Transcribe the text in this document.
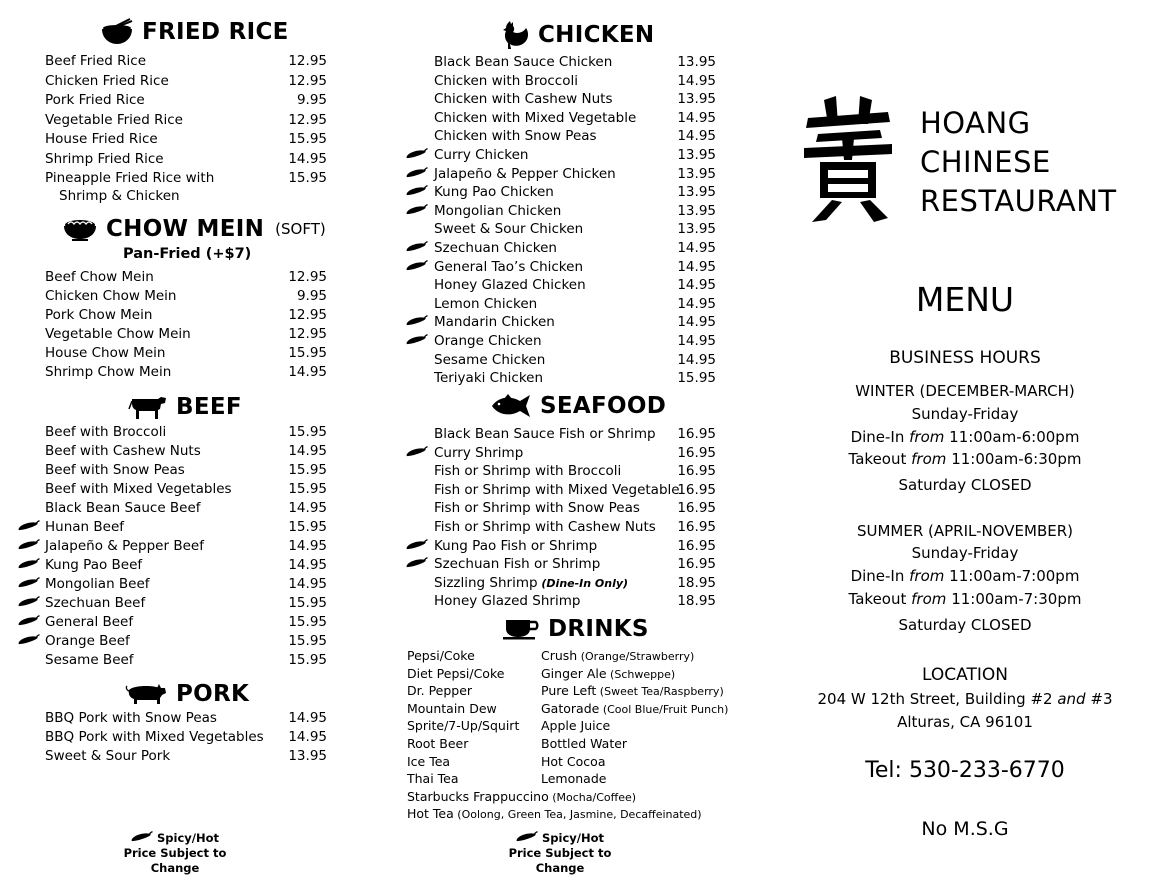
FRIED RICE
Beef Fried Rice	12.95
Chicken Fried Rice	12.95
Pork Fried Rice	9.95
Vegetable Fried Rice	12.95
House Fried Rice	15.95
Shrimp Fried Rice	14.95
Pineapple Fried Rice with
Shrimp & Chicken
15.95
CHOW MEIN (SOFT)
Pan-Fried (+$7)
Beef Chow Mein	12.95
Chicken Chow Mein	9.95
Pork Chow Mein	12.95
Vegetable Chow Mein	12.95
House Chow Mein	15.95
Shrimp Chow Mein	14.95
BEEF
Beef with Broccoli	15.95
Beef with Cashew Nuts	14.95
Beef with Snow Peas	15.95
Beef with Mixed Vegetables	15.95
Black Bean Sauce Beef	14.95
Hunan Beef	15.95
Jalapeño & Pepper Beef	14.95
Kung Pao Beef	14.95
Mongolian Beef	14.95
Szechuan Beef	15.95
General Beef	15.95
Orange Beef	15.95
Sesame Beef	15.95
PORK
BBQ Pork with Snow Peas	14.95
BBQ Pork with Mixed Vegetables 14.95
Sweet & Sour Pork	13.95
Spicy/Hot
Price Subject to Change
CHICKEN
Black Bean Sauce Chicken	13.95
Chicken with Broccoli	14.95
Chicken with Cashew Nuts	13.95
Chicken with Mixed Vegetable	14.95
Chicken with Snow Peas	14.95
Curry Chicken	13.95
Jalapeño & Pepper Chicken	13.95
Kung Pao Chicken	13.95
Mongolian Chicken	13.95
Sweet & Sour Chicken	13.95
Szechuan Chicken	14.95
General Tao’s Chicken	14.95
Honey Glazed Chicken	14.95
Lemon Chicken	14.95
Mandarin Chicken	14.95
Orange Chicken	14.95
Sesame Chicken	14.95
Teriyaki Chicken	15.95
SEAFOOD
Black Bean Sauce Fish or Shrimp 16.95
Curry Shrimp	16.95
Fish or Shrimp with Broccoli	16.95
Fish or Shrimp with Mixed Vegetable
16.95
Fish or Shrimp with Snow Peas	16.95
Fish or Shrimp with Cashew Nuts 16.95
Kung Pao Fish or Shrimp	16.95
Szechuan Fish or Shrimp	16.95
Sizzling Shrimp (Dine-In Only)	18.95
Honey Glazed Shrimp	18.95
DRINKS
Pepsi/Coke
Diet Pepsi/Coke
Dr. Pepper
Mountain Dew
Sprite/7-Up/Squirt
Root Beer
Ice Tea
Thai Tea
Crush (Orange/Strawberry)
Ginger Ale (Schweppe)
Pure Left (Sweet Tea/Raspberry)
Gatorade (Cool Blue/Fruit Punch)
Apple Juice
Bottled Water
Hot Cocoa
Lemonade
Starbucks Frappuccino (Mocha/Coffee)
Hot Tea (Oolong, Green Tea, Jasmine, Decaffeinated)
Spicy/Hot
Price Subject to Change
HOANG
CHINESE
RESTAURANT
MENU
BUSINESS HOURS
WINTER (DECEMBER-MARCH)
Sunday-Friday
Dine-In from 11:00am-6:00pm
Takeout from 11:00am-6:30pm
Saturday CLOSED
SUMMER (APRIL-NOVEMBER)
Sunday-Friday
Dine-In from 11:00am-7:00pm
Takeout from 11:00am-7:30pm
Saturday CLOSED
LOCATION
204 W 12th Street, Building #2 and #3
Alturas, CA 96101
Tel: 530-233-6770
No M.S.G
